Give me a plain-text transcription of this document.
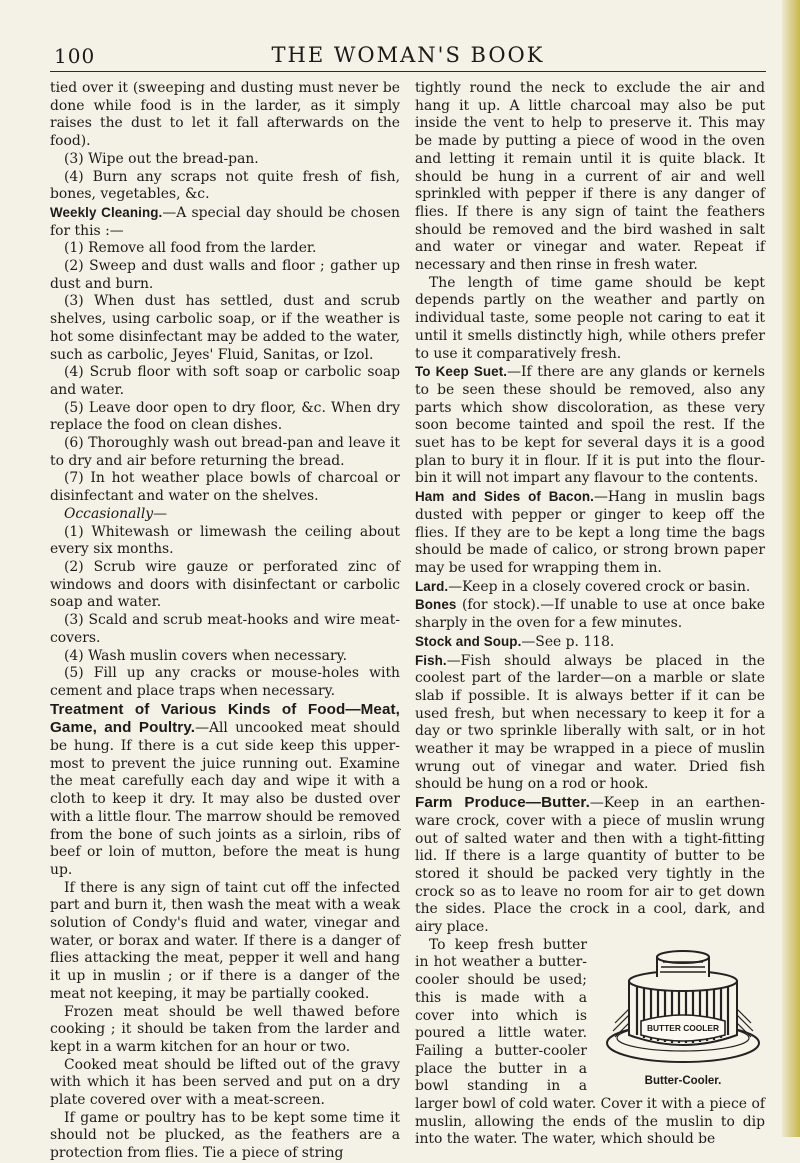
100	THE WOMAN'S BOOK

tied over it (sweeping and dusting must never be done while food is in the larder, as it simply raises the dust to let it fall afterwards on the food).

(3) Wipe out the bread-pan.

(4) Burn any scraps not quite fresh of fish, bones, vegetables, &c.

Weekly Cleaning.—A special day should be chosen for this :—

(1) Remove all food from the larder.

(2) Sweep and dust walls and floor ; gather up dust and burn.

(3) When dust has settled, dust and scrub shelves, using carbolic soap, or if the weather is hot some disinfectant may be added to the water, such as carbolic, Jeyes' Fluid, Sanitas, or Izol.

(4) Scrub floor with soft soap or carbolic soap and water.

(5) Leave door open to dry floor, &c. When dry replace the food on clean dishes.

(6) Thoroughly wash out bread-pan and leave it to dry and air before returning the bread.

(7) In hot weather place bowls of charcoal or disinfectant and water on the shelves.

Occasionally—

(1) Whitewash or limewash the ceiling about every six months.

(2) Scrub wire gauze or perforated zinc of windows and doors with disinfectant or carbolic soap and water.

(3) Scald and scrub meat-hooks and wire meat-covers.

(4) Wash muslin covers when necessary.

(5) Fill up any cracks or mouse-holes with cement and place traps when necessary.

Treatment of Various Kinds of Food—Meat, Game, and Poultry.—All uncooked meat should be hung. If there is a cut side keep this upper-most to prevent the juice running out. Examine the meat carefully each day and wipe it with a cloth to keep it dry. It may also be dusted over with a little flour. The marrow should be removed from the bone of such joints as a sirloin, ribs of beef or loin of mutton, before the meat is hung up.

If there is any sign of taint cut off the infected part and burn it, then wash the meat with a weak solution of Condy's fluid and water, vinegar and water, or borax and water. If there is a danger of flies attacking the meat, pepper it well and hang it up in muslin ; or if there is a danger of the meat not keeping, it may be partially cooked.

Frozen meat should be well thawed before cooking ; it should be taken from the larder and kept in a warm kitchen for an hour or two.

Cooked meat should be lifted out of the gravy with which it has been served and put on a dry plate covered over with a meat-screen.

If game or poultry has to be kept some time it should not be plucked, as the feathers are a protection from flies. Tie a piece of string

tightly round the neck to exclude the air and hang it up. A little charcoal may also be put inside the vent to help to preserve it. This may be made by putting a piece of wood in the oven and letting it remain until it is quite black. It should be hung in a current of air and well sprinkled with pepper if there is any danger of flies. If there is any sign of taint the feathers should be removed and the bird washed in salt and water or vinegar and water. Repeat if necessary and then rinse in fresh water.

The length of time game should be kept depends partly on the weather and partly on individual taste, some people not caring to eat it until it smells distinctly high, while others prefer to use it comparatively fresh.

To Keep Suet.—If there are any glands or kernels to be seen these should be removed, also any parts which show discoloration, as these very soon become tainted and spoil the rest. If the suet has to be kept for several days it is a good plan to bury it in flour. If it is put into the flour-bin it will not impart any flavour to the contents.

Ham and Sides of Bacon.—Hang in muslin bags dusted with pepper or ginger to keep off the flies. If they are to be kept a long time the bags should be made of calico, or strong brown paper may be used for wrapping them in.

Lard.—Keep in a closely covered crock or basin.

Bones (for stock).—If unable to use at once bake sharply in the oven for a few minutes.

Stock and Soup.—See p. 118.

Fish.—Fish should always be placed in the coolest part of the larder—on a marble or slate slab if possible. It is always better if it can be used fresh, but when necessary to keep it for a day or two sprinkle liberally with salt, or in hot weather it may be wrapped in a piece of muslin wrung out of vinegar and water. Dried fish should be hung on a rod or hook.

Farm Produce—Butter.—Keep in an earthen-ware crock, cover with a piece of muslin wrung out of salted water and then with a tight-fitting lid. If there is a large quantity of butter to be stored it should be packed very tightly in the crock so as to leave no room for air to get down the sides. Place the crock in a cool, dark, and airy place.

BUTTER COOLER
Butter-Cooler.

To keep fresh butter in hot weather a butter-cooler should be used; this is made with a cover into which is poured a little water. Failing a butter-cooler place the butter in a bowl standing in a larger bowl of cold water. Cover it with a piece of muslin, allowing the ends of the muslin to dip into the water. The water, which should be
